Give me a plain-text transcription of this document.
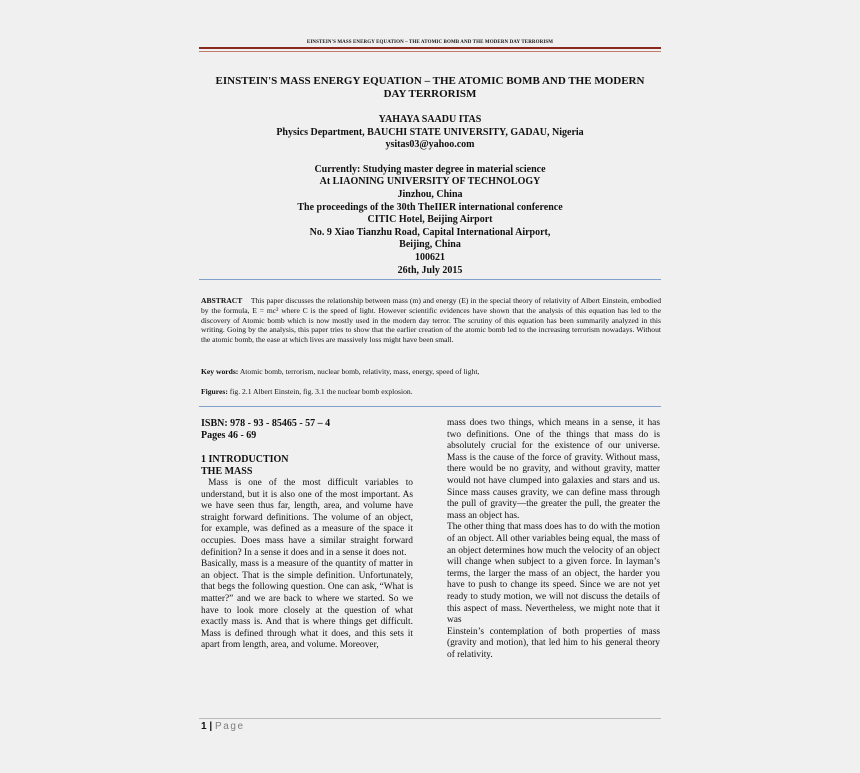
EINSTEIN'S MASS ENERGY EQUATION – THE ATOMIC BOMB AND THE MODERN DAY TERRORISM
EINSTEIN'S MASS ENERGY EQUATION – THE ATOMIC BOMB AND THE MODERN DAY TERRORISM
YAHAYA SAADU ITAS
Physics Department, BAUCHI STATE UNIVERSITY, GADAU, Nigeria
ysitas03@yahoo.com
Currently: Studying master degree in material science
At LIAONING UNIVERSITY OF TECHNOLOGY
Jinzhou, China
The proceedings of the 30th TheIIER international conference
CITIC Hotel, Beijing Airport
No. 9 Xiao Tianzhu Road, Capital International Airport,
Beijing, China
100621
26th, July 2015
ABSTRACT This paper discusses the relationship between mass (m) and energy (E) in the special theory of relativity of Albert Einstein, embodied by the formula, E = mc² where C is the speed of light. However scientific evidences have shown that the analysis of this equation has led to the discovery of Atomic bomb which is now mostly used in the modern day terror. The scrutiny of this equation has been summarily analyzed in this writing. Going by the analysis, this paper tries to show that the earlier creation of the atomic bomb led to the increasing terrorism nowadays. Without the atomic bomb, the ease at which lives are massively loss might have been small.
Key words: Atomic bomb, terrorism, nuclear bomb, relativity, mass, energy, speed of light,
Figures: fig. 2.1 Albert Einstein, fig. 3.1 the nuclear bomb explosion.

ISBN: 978 - 93 - 85465 - 57 – 4

Pages 46 - 69

1 INTRODUCTION

THE MASS

Mass is one of the most difficult variables to understand, but it is also one of the most important. As we have seen thus far, length, area, and volume have straight forward definitions. The volume of an object, for example, was defined as a measure of the space it occupies. Does mass have a similar straight forward definition? In a sense it does and in a sense it does not.

Basically, mass is a measure of the quantity of matter in an object. That is the simple definition. Unfortunately, that begs the following question. One can ask, “What is matter?” and we are back to where we started. So we have to look more closely at the question of what exactly mass is. And that is where things get difficult. Mass is defined through what it does, and this sets it apart from length, area, and volume. Moreover,

mass does two things, which means in a sense, it has two definitions. One of the things that mass do is absolutely crucial for the existence of our universe. Mass is the cause of the force of gravity. Without mass, there would be no gravity, and without gravity, matter would not have clumped into galaxies and stars and us. Since mass causes gravity, we can define mass through the pull of gravity—the greater the pull, the greater the mass an object has.

The other thing that mass does has to do with the motion of an object. All other variables being equal, the mass of an object determines how much the velocity of an object will change when subject to a given force. In layman’s terms, the larger the mass of an object, the harder you have to push to change its speed. Since we are not yet ready to study motion, we will not discuss the details of this aspect of mass. Nevertheless, we might note that it was

Einstein’s contemplation of both properties of mass (gravity and motion), that led him to his general theory of relativity.

1 | Page
